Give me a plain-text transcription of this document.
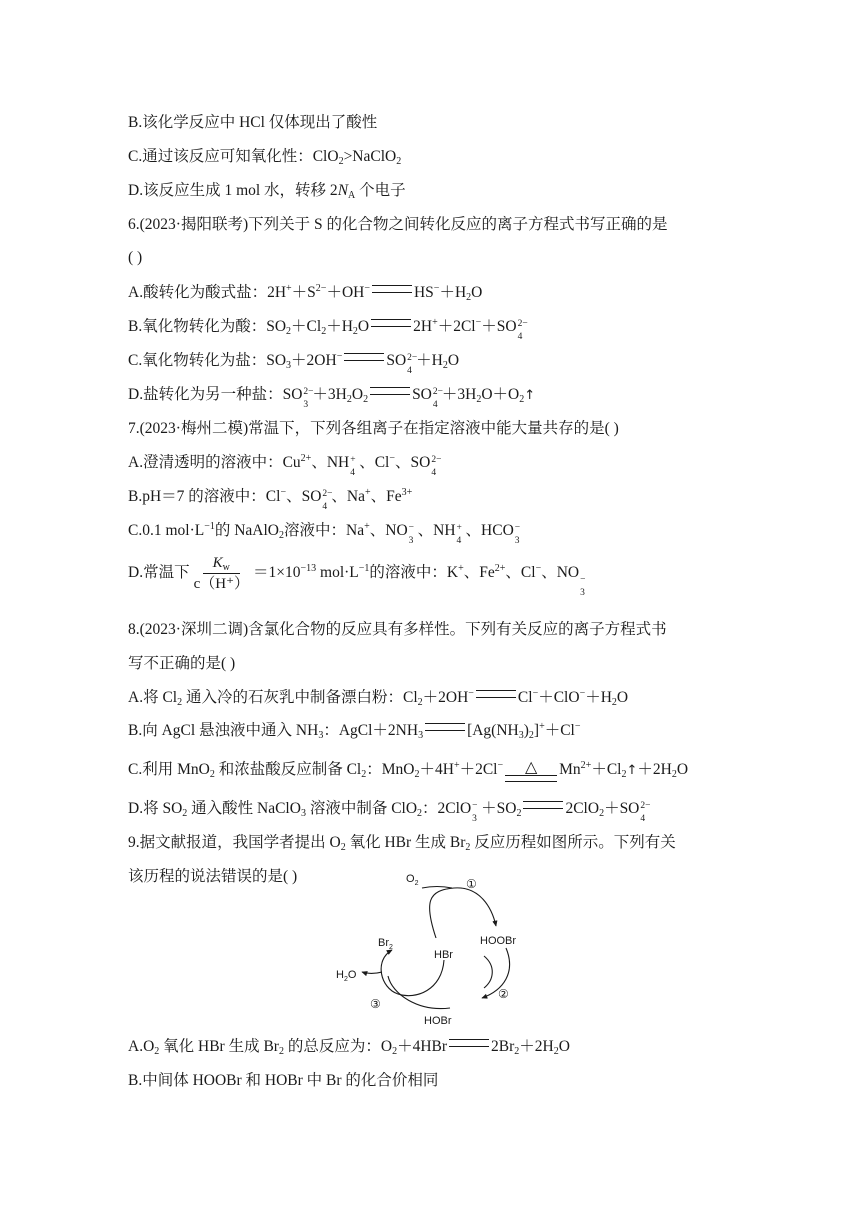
B.该化学反应中 HCl 仅体现出了酸性
C.通过该反应可知氧化性：ClO$_2$>NaClO$_2$
D.该反应生成 1 mol 水，转移 $2N_A$ 个电子
6.(2023·揭阳联考)下列关于 S 的化合物之间转化反应的离子方程式书写正确的是
( )
A.酸转化为酸式盐：$2H^++S^{2-}+OH^-$	$HS^-+H_2O$
B.氧化物转化为酸：$SO_2+Cl_2+H_2O$	2H+＋2Cl−＋SO 2−
4
C.氧化物转化为盐：$SO_3+2OH^-$	SO 2−
4
$+H_2O$
D.盐转化为另一种盐：SO 2−
3
$+3H_2O_2$	SO 2−
4
$+3H_2O+O_2↑$
7.(2023·梅州二模)常温下，下列各组离子在指定溶液中能大量共存的是( )
A.澄清透明的溶液中：$Cu^{2+}$、NH +
4
、Cl−、SO 2−
4
B.pH＝7 的溶液中：Cl−、SO 2−
4
、Na+、$Fe^{3+}$
C.0.1 $mol\cdot L^{-1}$的 NaAlO$_2$溶液中：Na+、NO −
3
、NH +
4
、HCO −
3
D.常温下 $\frac{K_w}{c(H^+)} =1\times 10^{-13}$ $mol\cdot L^{-1}$的溶液中：K+、$Fe^{2+}$、Cl−、NO −
3
8.(2023·深圳二调)含氯化合物的反应具有多样性。下列有关反应的离子方程式书
写不正确的是( )
A.将 $Cl_2$ 通入冷的石灰乳中制备漂白粉：$Cl_2+2OH^-$	$Cl^-+ClO^-+H_2O$
B.向 AgCl 悬浊液中通入 $NH_3$：$AgCl+2NH_3$	$[Ag(NH_3)_2]^++Cl^-$
C.利用 MnO$_2$ 和浓盐酸反应制备 $Cl_2$：MnO$_2$＋4H+＋2Cl− △ $Mn^{2+}+Cl_2↑+2H_2O$
D.将 $SO_2$ 通入酸性 NaClO$_3$ 溶液中制备 ClO$_2$：2ClO −
3
$+SO_2$	2ClO$_2$＋SO 2−
4
9.据文献报道，我国学者提出 $O_2$ 氧化 HBr 生成 $Br_2$ 反应历程如图所示。下列有关
该历程的说法错误的是( )	$O_2$	①
HOOBr
$Br_2$
HBr
$H_2O$
②
③
HOBr
$A.O_2$ 氧化 HBr 生成 $Br_2$ 的总反应为：$O_2+4HBr$	$2Br_2+2H_2O$
B.中间体 HOOBr 和 HOBr 中 Br 的化合价相同
